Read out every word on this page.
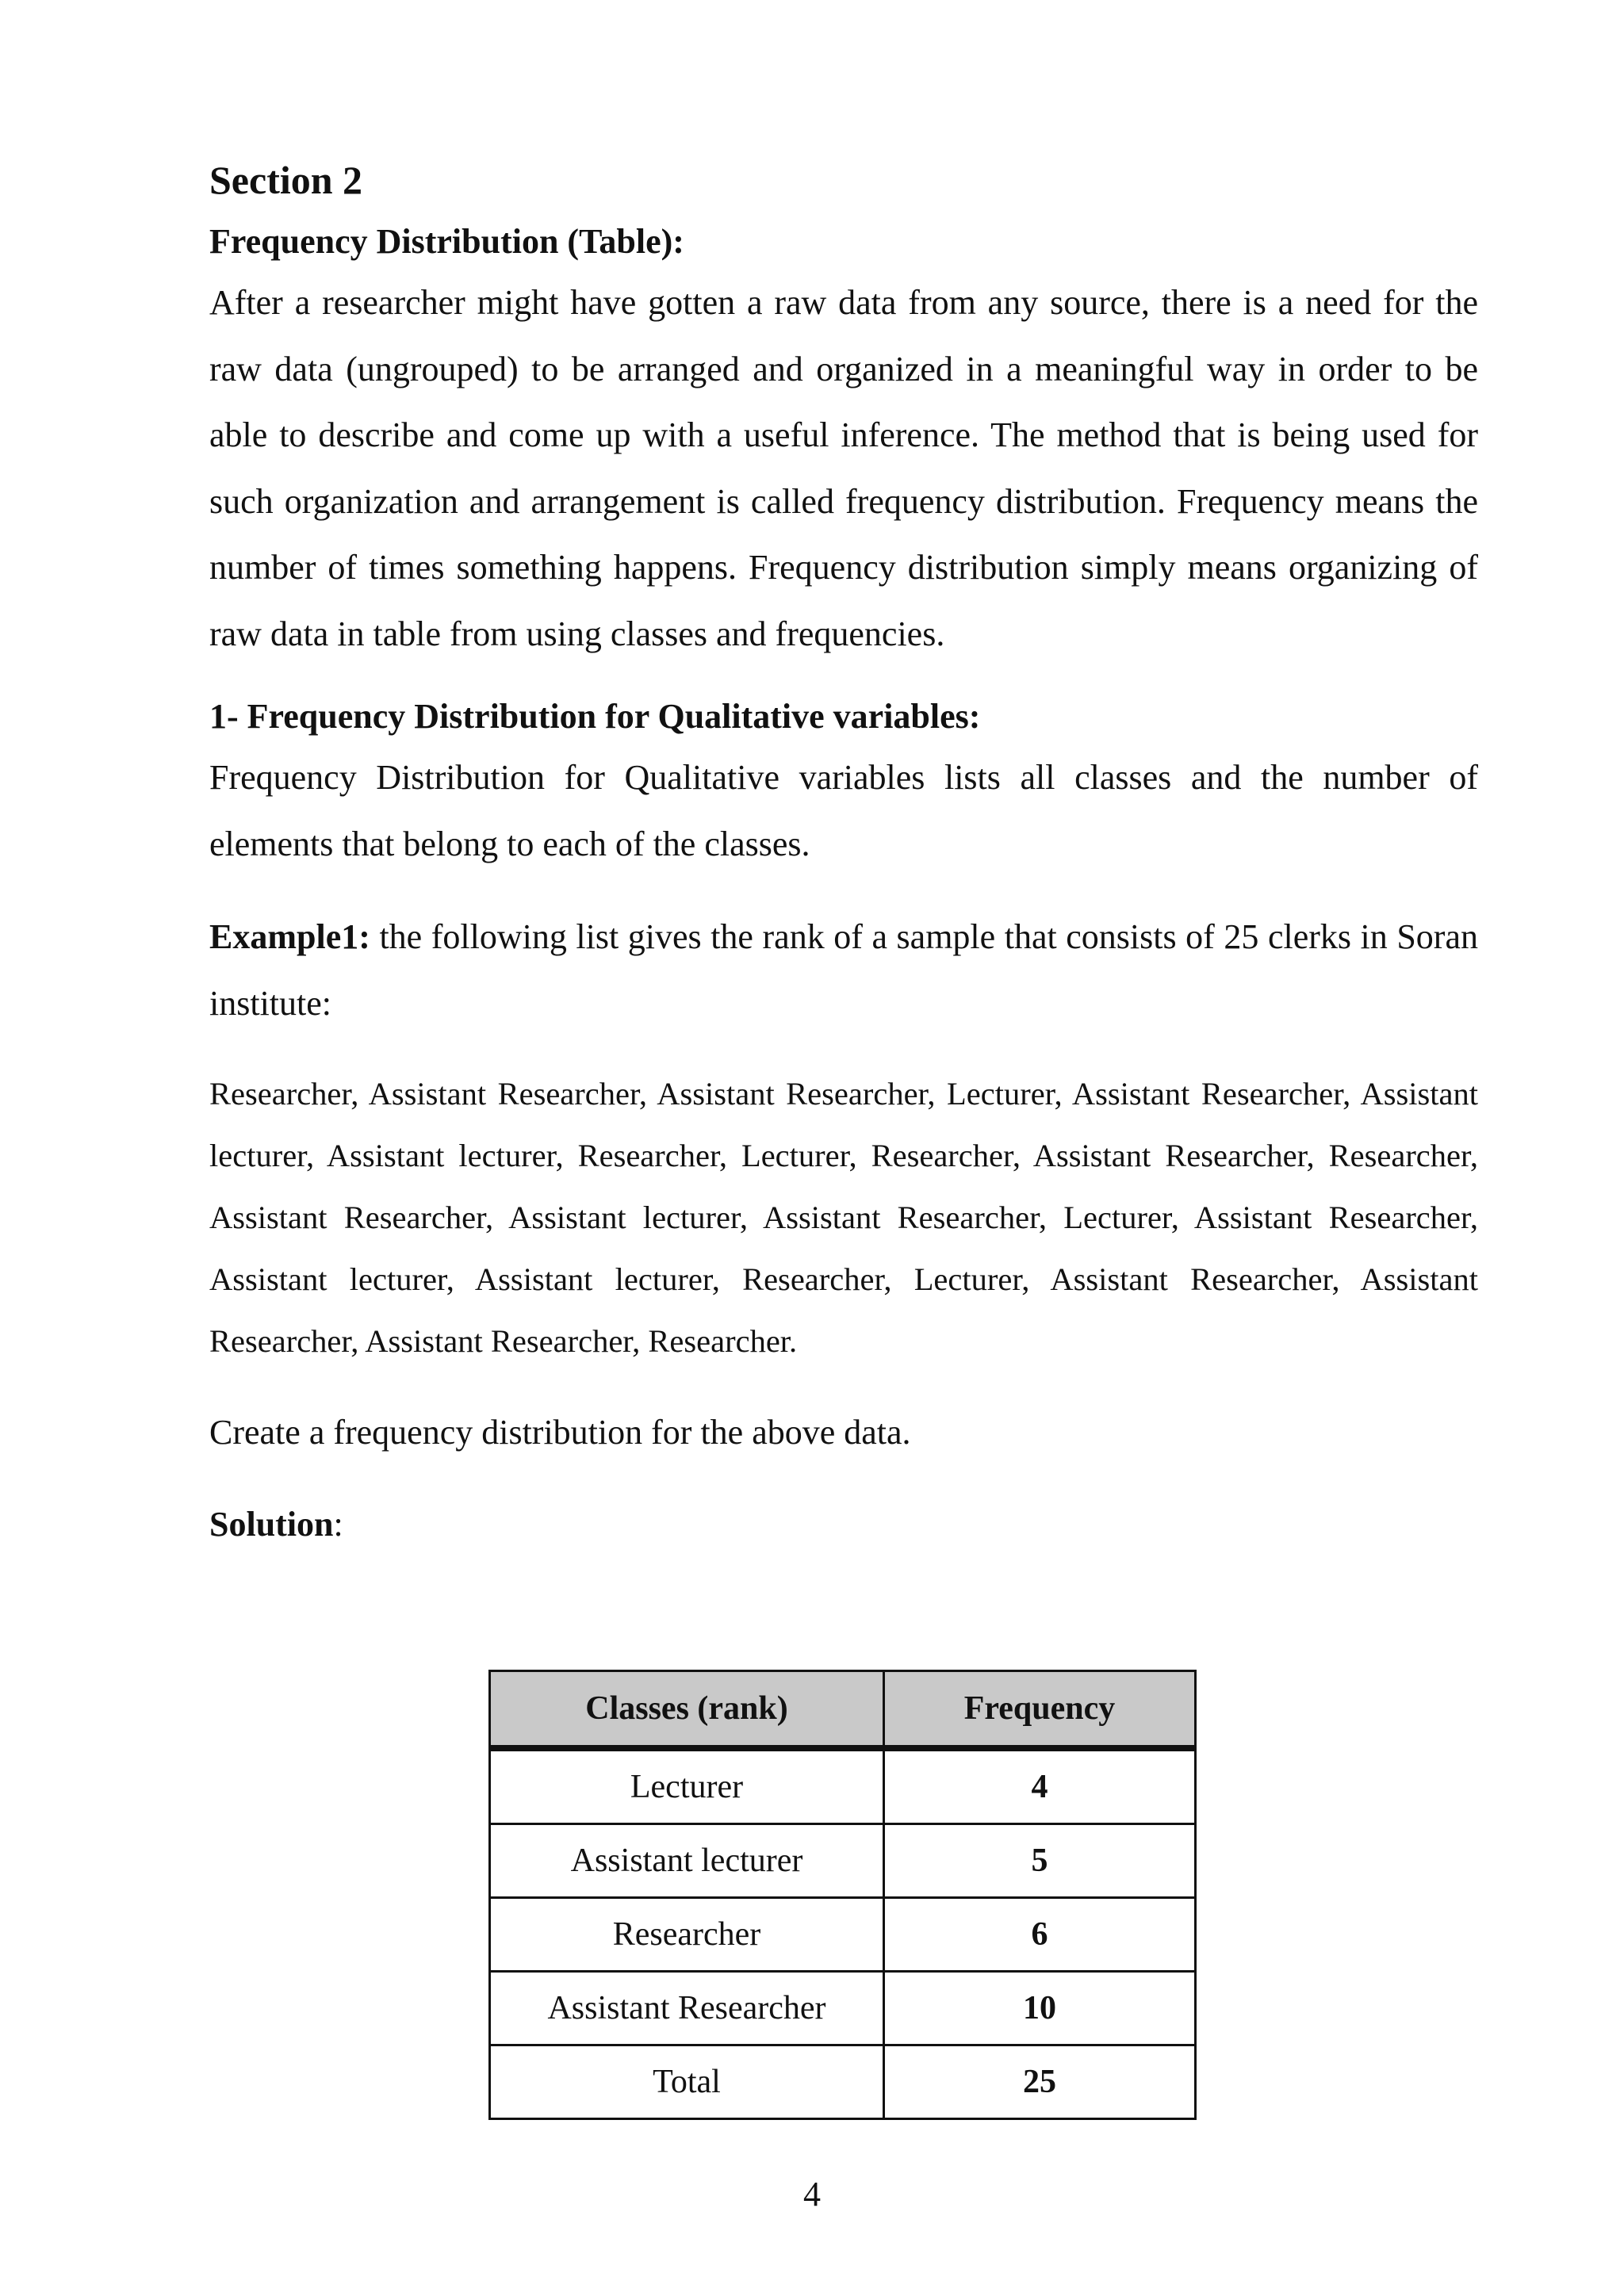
Section 2
Frequency Distribution (Table):

After a researcher might have gotten a raw data from any source, there is a need for the raw data (ungrouped) to be arranged and organized in a meaningful way in order to be able to describe and come up with a useful inference. The method that is being used for such organization and arrangement is called frequency distribution. Frequency means the number of times something happens. Frequency distribution simply means organizing of raw data in table from using classes and frequencies.

1- Frequency Distribution for Qualitative variables:

Frequency Distribution for Qualitative variables lists all classes and the number of elements that belong to each of the classes.

Example1: the following list gives the rank of a sample that consists of 25 clerks in Soran institute:

Researcher, Assistant Researcher, Assistant Researcher, Lecturer, Assistant Researcher, Assistant lecturer, Assistant lecturer, Researcher, Lecturer, Researcher, Assistant Researcher, Researcher, Assistant Researcher, Assistant lecturer, Assistant Researcher, Lecturer, Assistant Researcher, Assistant lecturer, Assistant lecturer, Researcher, Lecturer, Assistant Researcher, Assistant Researcher, Assistant Researcher, Researcher.

Create a frequency distribution for the above data.

Solution:

Classes (rank)	Frequency
Lecturer	4
Assistant lecturer	5
Researcher	6
Assistant Researcher	10
Total	25
4
